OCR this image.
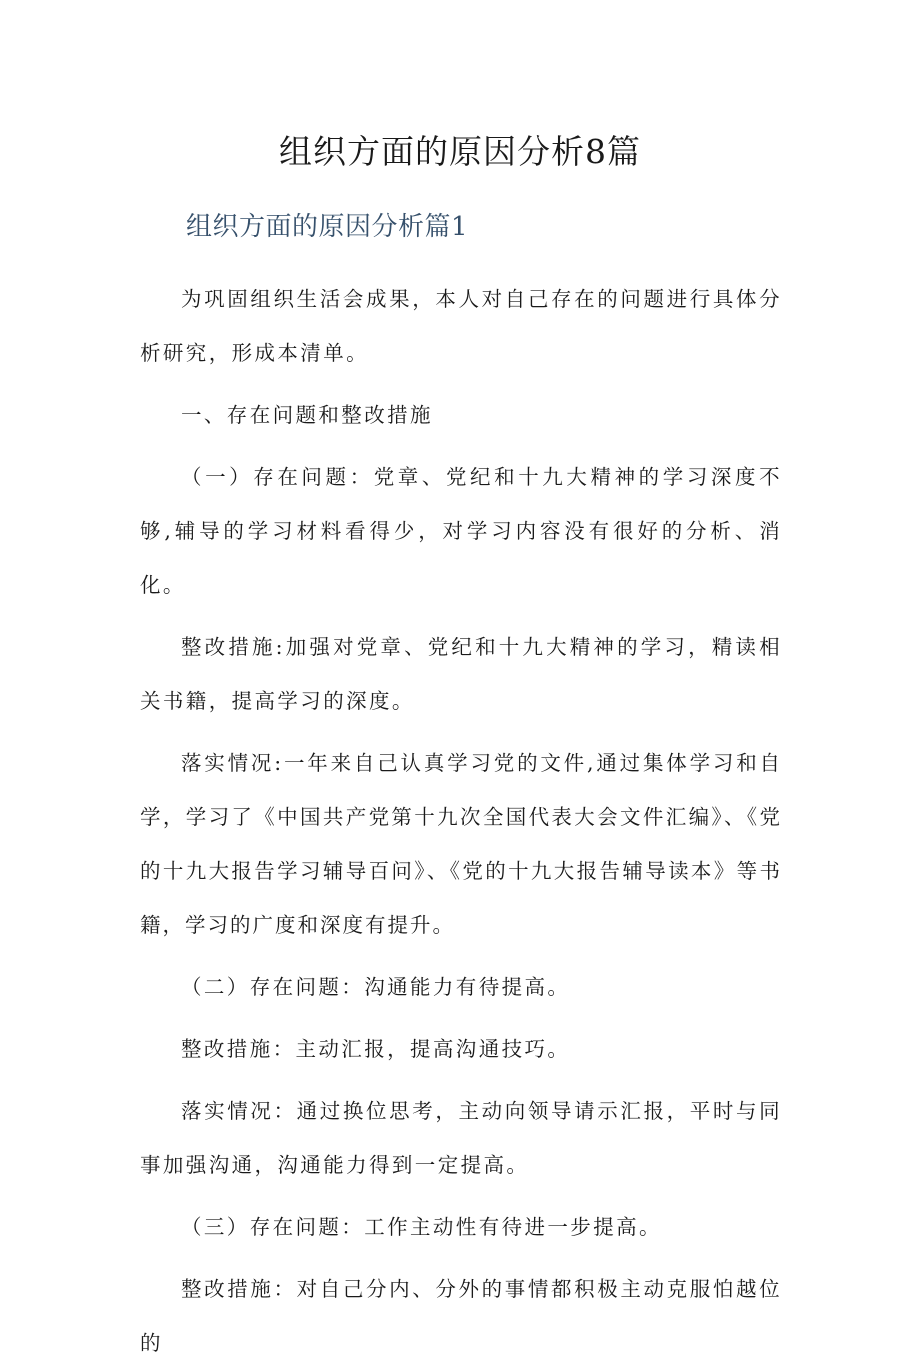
组织方面的原因分析8篇
组织方面的原因分析篇1

为巩固组织生活会成果，本人对自己存在的问题进行具体分析研究，形成本清单。

一、存在问题和整改措施

（一）存在问题：党章、党纪和十九大精神的学习深度不够,辅导的学习材料看得少，对学习内容没有很好的分析、消化。

整改措施:加强对党章、党纪和十九大精神的学习，精读相关书籍，提高学习的深度。

落实情况:一年来自己认真学习党的文件,通过集体学习和自学，学习了《中国共产党第十九次全国代表大会文件汇编》、《党的十九大报告学习辅导百问》、《党的十九大报告辅导读本》等书籍，学习的广度和深度有提升。

（二）存在问题：沟通能力有待提高。

整改措施：主动汇报，提高沟通技巧。

落实情况：通过换位思考，主动向领导请示汇报，平时与同事加强沟通，沟通能力得到一定提高。

（三）存在问题：工作主动性有待进一步提高。

整改措施：对自己分内、分外的事情都积极主动克服怕越位的
